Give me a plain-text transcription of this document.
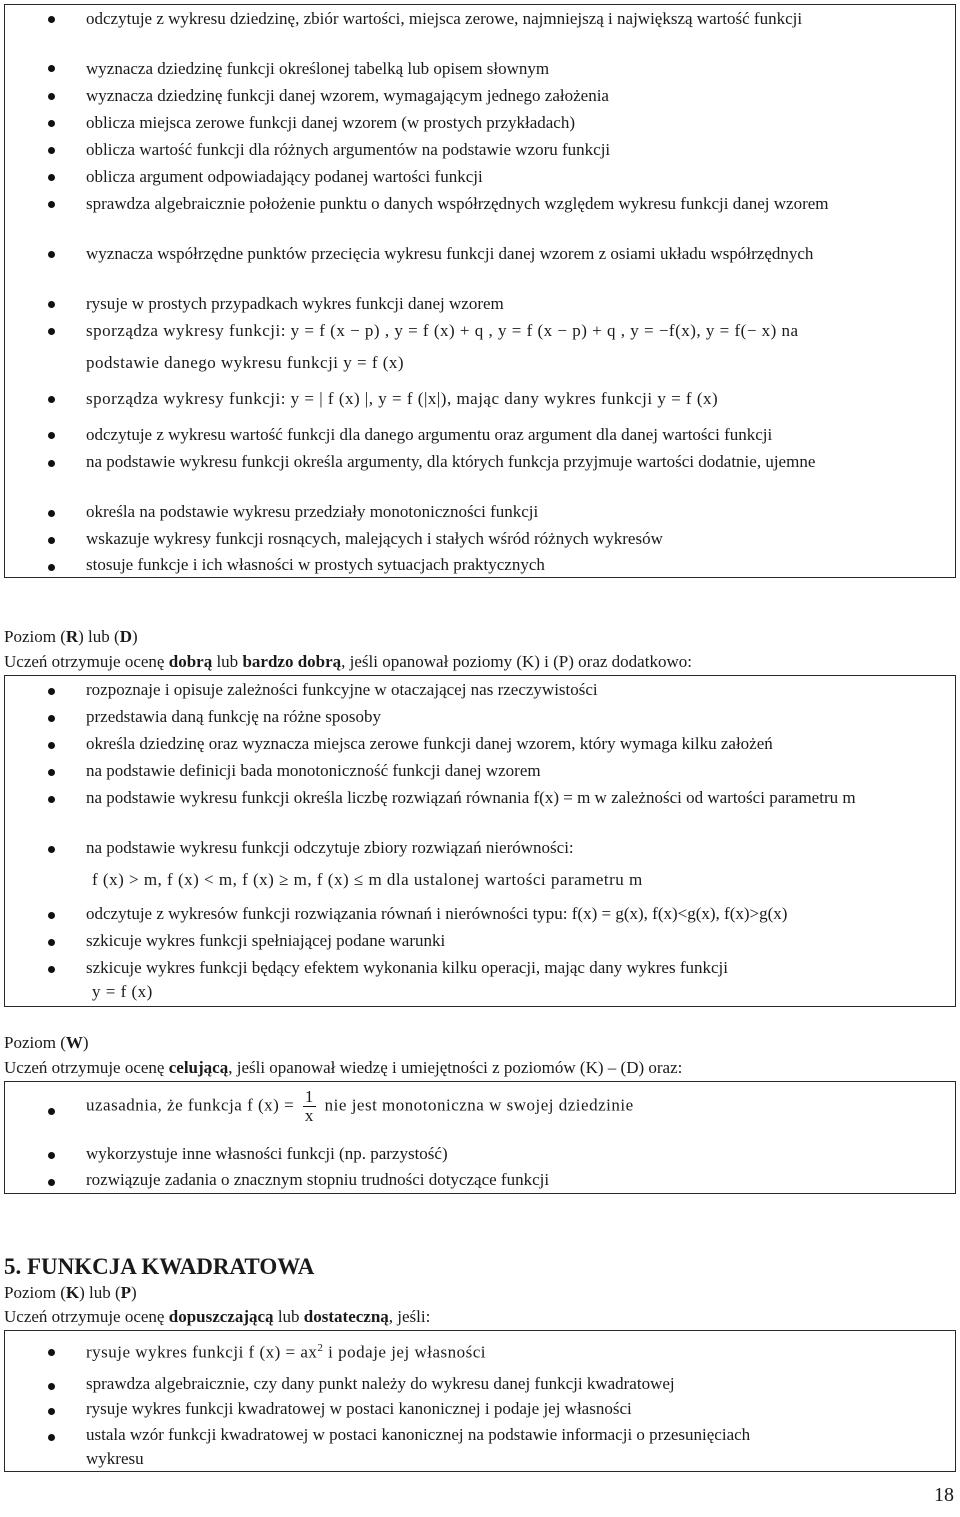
odczytuje z wykresu dziedzinę, zbiór wartości, miejsca zerowe, najmniejszą i największą wartość funkcji
wyznacza dziedzinę funkcji określonej tabelką lub opisem słownym
wyznacza dziedzinę funkcji danej wzorem, wymagającym jednego założenia
oblicza miejsca zerowe funkcji danej wzorem (w prostych przykładach)
oblicza wartość funkcji dla różnych argumentów na podstawie wzoru funkcji
oblicza argument odpowiadający podanej wartości funkcji
sprawdza algebraicznie położenie punktu o danych współrzędnych względem wykresu funkcji danej wzorem
wyznacza współrzędne punktów przecięcia wykresu funkcji danej wzorem z osiami układu współrzędnych
rysuje w prostych przypadkach wykres funkcji danej wzorem
sporządza wykresy funkcji: y = f (x − p) , y = f (x) + q , y = f (x − p) + q , y = −f(x), y = f(− x) na
podstawie danego wykresu funkcji y = f (x)
sporządza wykresy funkcji: y = | f (x) |, y = f (|x|), mając dany wykres funkcji y = f (x)
odczytuje z wykresu wartość funkcji dla danego argumentu oraz argument dla danej wartości funkcji
na podstawie wykresu funkcji określa argumenty, dla których funkcja przyjmuje wartości dodatnie, ujemne
określa na podstawie wykresu przedziały monotoniczności funkcji
wskazuje wykresy funkcji rosnących, malejących i stałych wśród różnych wykresów
stosuje funkcje i ich własności w prostych sytuacjach praktycznych
Poziom (R) lub (D)
Uczeń otrzymuje ocenę dobrą lub bardzo dobrą, jeśli opanował poziomy (K) i (P) oraz dodatkowo:
rozpoznaje i opisuje zależności funkcyjne w otaczającej nas rzeczywistości
przedstawia daną funkcję na różne sposoby
określa dziedzinę oraz wyznacza miejsca zerowe funkcji danej wzorem, który wymaga kilku założeń
na podstawie definicji bada monotoniczność funkcji danej wzorem
na podstawie wykresu funkcji określa liczbę rozwiązań równania f(x) = m w zależności od wartości parametru m
na podstawie wykresu funkcji odczytuje zbiory rozwiązań nierówności:
f (x) > m, f (x) < m, f (x) ≥ m, f (x) ≤ m dla ustalonej wartości parametru m
odczytuje z wykresów funkcji rozwiązania równań i nierówności typu: f(x) = g(x), f(x)<g(x), f(x)>g(x)
szkicuje wykres funkcji spełniającej podane warunki
szkicuje wykres funkcji będący efektem wykonania kilku operacji, mając dany wykres funkcji
y = f (x)
Poziom (W)
Uczeń otrzymuje ocenę celującą, jeśli opanował wiedzę i umiejętności z poziomów (K) – (D) oraz:
uzasadnia, że funkcja f $(x) = \frac{1}{x}$ nie jest monotoniczna w swojej dziedzinie
wykorzystuje inne własności funkcji (np. parzystość)
rozwiązuje zadania o znacznym stopniu trudności dotyczące funkcji
5. FUNKCJA KWADRATOWA
Poziom (K) lub (P)
Uczeń otrzymuje ocenę dopuszczającą lub dostateczną, jeśli:
rysuje wykres funkcji f $(x) = ax^2$ i podaje jej własności
sprawdza algebraicznie, czy dany punkt należy do wykresu danej funkcji kwadratowej
rysuje wykres funkcji kwadratowej w postaci kanonicznej i podaje jej własności
ustala wzór funkcji kwadratowej w postaci kanonicznej na podstawie informacji o przesunięciach
wykresu
18
